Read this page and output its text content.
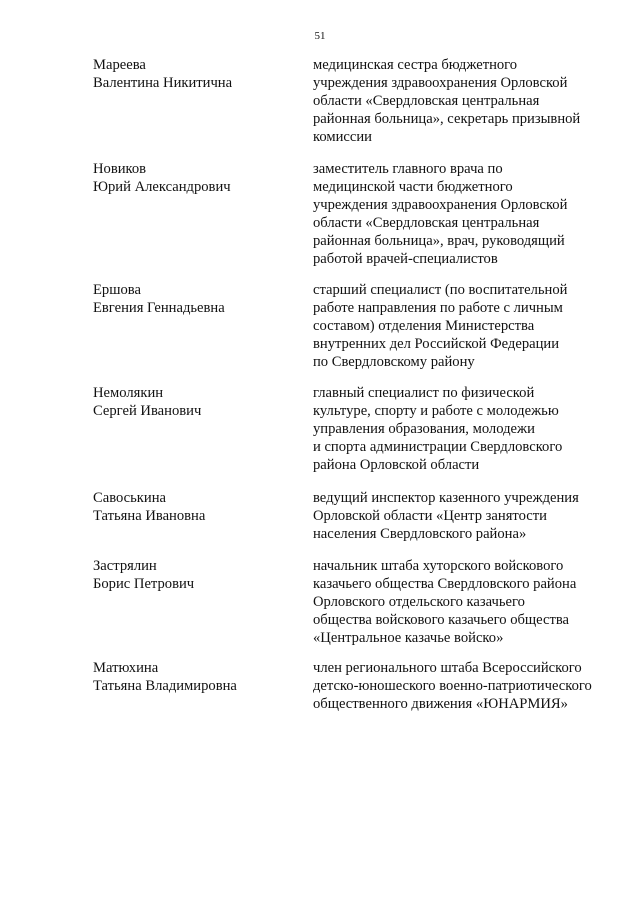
51
Мареева
Валентина Никитична
медицинская сестра бюджетного
учреждения здравоохранения Орловской
области «Свердловская центральная
районная больница», секретарь призывной
комиссии
Новиков
Юрий Александрович
заместитель главного врача по
медицинской части бюджетного
учреждения здравоохранения Орловской
области «Свердловская центральная
районная больница», врач, руководящий
работой врачей-специалистов
Ершова
Евгения Геннадьевна
старший специалист (по воспитательной
работе направления по работе с личным
составом) отделения Министерства
внутренних дел Российской Федерации
по Свердловскому району
Немолякин
Сергей Иванович
главный специалист по физической
культуре, спорту и работе с молодежью
управления образования, молодежи
и спорта администрации Свердловского
района Орловской области
Савоськина
Татьяна Ивановна
ведущий инспектор казенного учреждения
Орловской области «Центр занятости
населения Свердловского района»
Застрялин
Борис Петрович
начальник штаба хуторского войскового
казачьего общества Свердловского района
Орловского отдельского казачьего
общества войскового казачьего общества
«Центральное казачье войско»
Матюхина
Татьяна Владимировна
член регионального штаба Всероссийского
детско-юношеского военно-патриотического
общественного движения «ЮНАРМИЯ»
